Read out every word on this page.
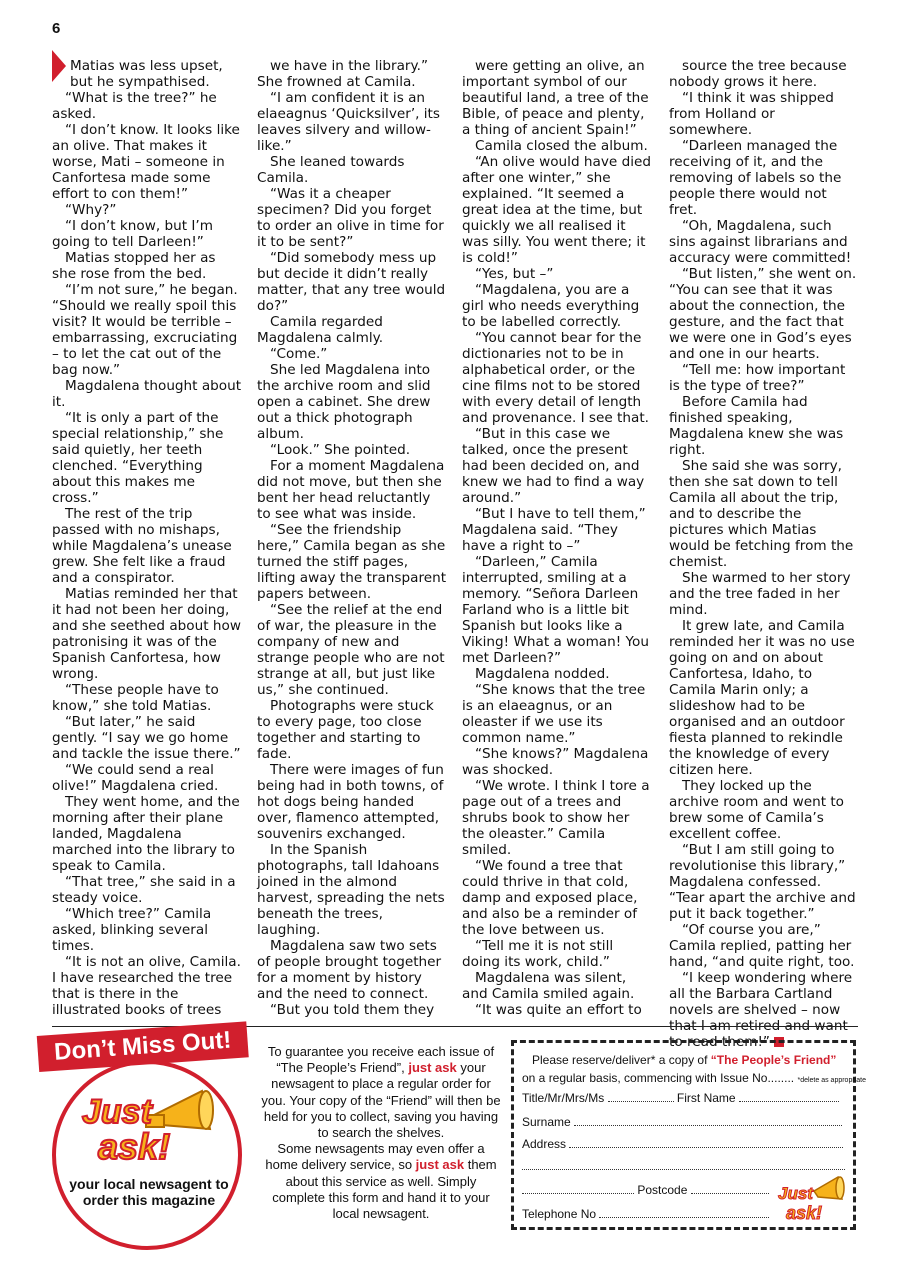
6

Matias was less upset, but he sympathised.

“What is the tree?” he asked.

“I don’t know. It looks like an olive. That makes it worse, Mati – someone in Canfortesa made some effort to con them!”

“Why?”

“I don’t know, but I’m going to tell Darleen!”

Matias stopped her as she rose from the bed.

“I’m not sure,” he began. “Should we really spoil this visit? It would be terrible – embarrassing, excruciating – to let the cat out of the bag now.”

Magdalena thought about it.

“It is only a part of the special relationship,” she said quietly, her teeth clenched. “Everything about this makes me cross.”

The rest of the trip passed with no mishaps, while Magdalena’s unease grew. She felt like a fraud and a conspirator.

Matias reminded her that it had not been her doing, and she seethed about how patronising it was of the Spanish Canfortesa, how wrong.

“These people have to know,” she told Matias.

“But later,” he said gently. “I say we go home and tackle the issue there.”

“We could send a real olive!” Magdalena cried.

They went home, and the morning after their plane landed, Magdalena marched into the library to speak to Camila.

“That tree,” she said in a steady voice.

“Which tree?” Camila asked, blinking several times.

“It is not an olive, Camila. I have researched the tree that is there in the illustrated books of trees

we have in the library.” She frowned at Camila.

“I am confident it is an elaeagnus ‘Quicksilver’, its leaves silvery and willow-like.”

She leaned towards Camila.

“Was it a cheaper specimen? Did you forget to order an olive in time for it to be sent?”

“Did somebody mess up but decide it didn’t really matter, that any tree would do?”

Camila regarded Magdalena calmly.

“Come.”

She led Magdalena into the archive room and slid open a cabinet. She drew out a thick photograph album.

“Look.” She pointed.

For a moment Magdalena did not move, but then she bent her head reluctantly to see what was inside.

“See the friendship here,” Camila began as she turned the stiff pages, lifting away the transparent papers between.

“See the relief at the end of war, the pleasure in the company of new and strange people who are not strange at all, but just like us,” she continued.

Photographs were stuck to every page, too close together and starting to fade.

There were images of fun being had in both towns, of hot dogs being handed over, flamenco attempted, souvenirs exchanged.

In the Spanish photographs, tall Idahoans joined in the almond harvest, spreading the nets beneath the trees, laughing.

Magdalena saw two sets of people brought together for a moment by history and the need to connect.

“But you told them they

were getting an olive, an important symbol of our beautiful land, a tree of the Bible, of peace and plenty, a thing of ancient Spain!”

Camila closed the album.

“An olive would have died after one winter,” she explained. “It seemed a great idea at the time, but quickly we all realised it was silly. You went there; it is cold!”

“Yes, but –”

“Magdalena, you are a girl who needs everything to be labelled correctly.

“You cannot bear for the dictionaries not to be in alphabetical order, or the cine films not to be stored with every detail of length and provenance. I see that.

“But in this case we talked, once the present had been decided on, and knew we had to find a way around.”

“But I have to tell them,” Magdalena said. “They have a right to –”

“Darleen,” Camila interrupted, smiling at a memory. “Señora Darleen Farland who is a little bit Spanish but looks like a Viking! What a woman! You met Darleen?”

Magdalena nodded.

“She knows that the tree is an elaeagnus, or an oleaster if we use its common name.”

“She knows?” Magdalena was shocked.

“We wrote. I think I tore a page out of a trees and shrubs book to show her the oleaster.” Camila smiled.

“We found a tree that could thrive in that cold, damp and exposed place, and also be a reminder of the love between us.

“Tell me it is not still doing its work, child.”

Magdalena was silent, and Camila smiled again.

“It was quite an effort to

source the tree because nobody grows it here.

“I think it was shipped from Holland or somewhere.

“Darleen managed the receiving of it, and the removing of labels so the people there would not fret.

“Oh, Magdalena, such sins against librarians and accuracy were committed!

“But listen,” she went on. “You can see that it was about the connection, the gesture, and the fact that we were one in God’s eyes and one in our hearts.

“Tell me: how important is the type of tree?”

Before Camila had finished speaking, Magdalena knew she was right.

She said she was sorry, then she sat down to tell Camila all about the trip, and to describe the pictures which Matias would be fetching from the chemist.

She warmed to her story and the tree faded in her mind.

It grew late, and Camila reminded her it was no use going on and on about Canfortesa, Idaho, to Camila Marin only; a slideshow had to be organised and an outdoor fiesta planned to rekindle the knowledge of every citizen here.

They locked up the archive room and went to brew some of Camila’s excellent coffee.

“But I am still going to revolutionise this library,” Magdalena confessed. “Tear apart the archive and put it back together.”

“Of course you are,” Camila replied, patting her hand, “and quite right, too.

“I keep wondering where all the Barbara Cartland novels are shelved – now that I am retired and want to read them!”

Don’t Miss Out!
Just
ask!
your local newsagent to order this magazine
To guarantee you receive each issue of “The People’s Friend”, just ask your newsagent to place a regular order for you. Your copy of the “Friend” will then be held for you to collect, saving you having to search the shelves.
Some newsagents may even offer a home delivery service, so just ask them about this service as well. Simply complete this form and hand it to your local newsagent.
Please reserve/deliver* a copy of “The People’s Friend”
on a regular basis, commencing with Issue No........ *delete as appropriate
Title/Mr/Mrs/Ms	First Name
Surname
Address
Postcode
Telephone No
Just
ask!
